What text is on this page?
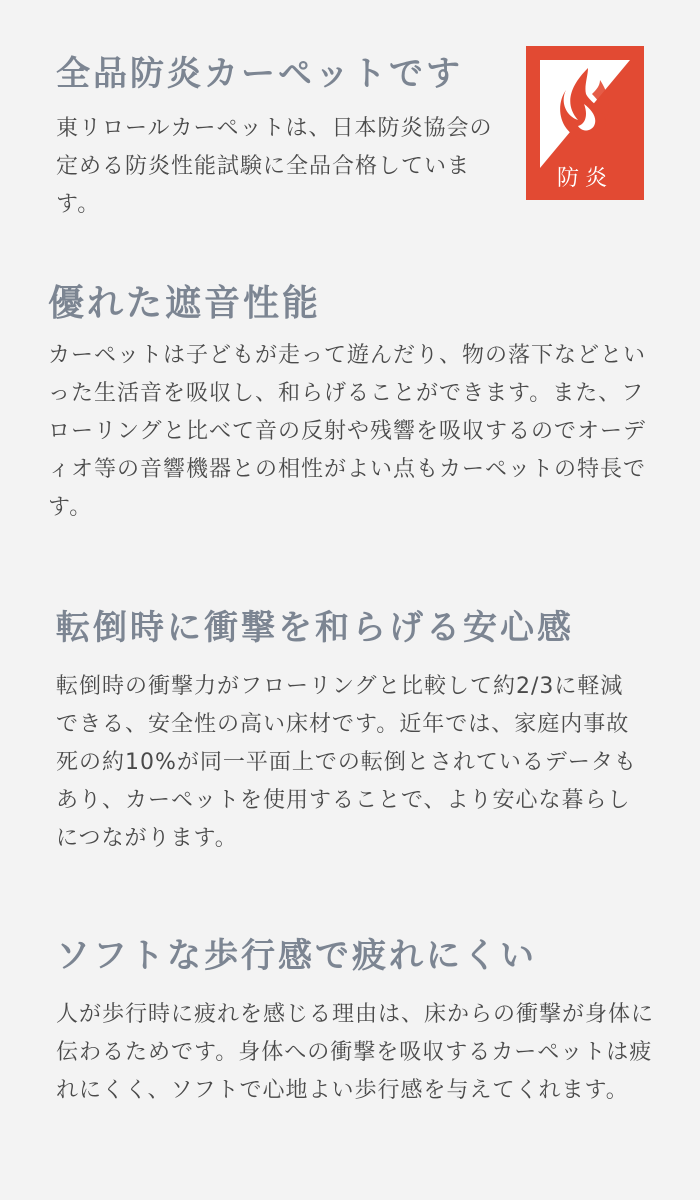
全品防炎カーペットです

東リロールカーペットは、日本防炎協会の定める防炎性能試験に全品合格しています。

防炎
優れた遮音性能

カーペットは子どもが走って遊んだり、物の落下などといった生活音を吸収し、和らげることができます。また、フローリングと比べて音の反射や残響を吸収するのでオーディオ等の音響機器との相性がよい点もカーペットの特長です。

転倒時に衝撃を和らげる安心感

転倒時の衝撃力がフローリングと比較して約2/3に軽減できる、安全性の高い床材です。近年では、家庭内事故死の約10%が同一平面上での転倒とされているデータもあり、カーペットを使用することで、より安心な暮らしにつながります。

ソフトな歩行感で疲れにくい

人が歩行時に疲れを感じる理由は、床からの衝撃が身体に伝わるためです。身体への衝撃を吸収するカーペットは疲れにくく、ソフトで心地よい歩行感を与えてくれます。
